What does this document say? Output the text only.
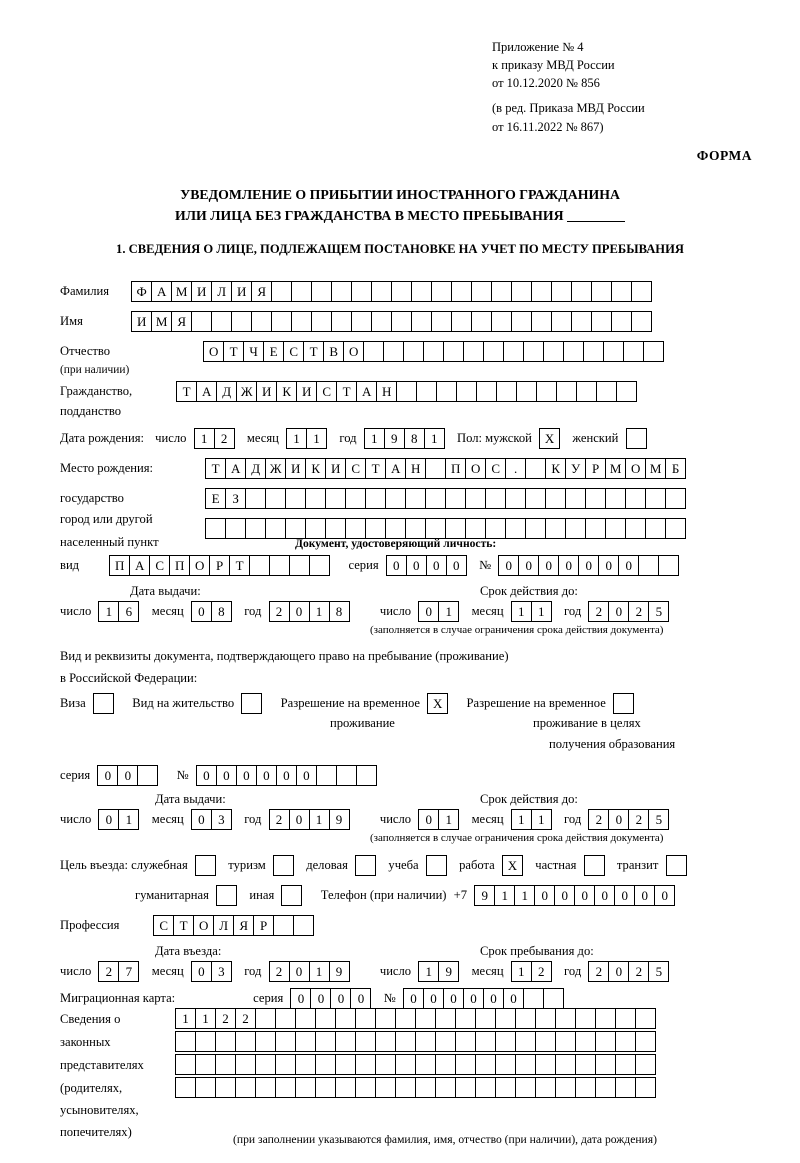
Приложение № 4
к приказу МВД России
от 10.12.2020 № 856
(в ред. Приказа МВД России
от 16.11.2022 № 867)
ФОРМА
УВЕДОМЛЕНИЕ О ПРИБЫТИИ ИНОСТРАННОГО ГРАЖДАНИНА
ИЛИ ЛИЦА БЕЗ ГРАЖДАНСТВА В МЕСТО ПРЕБЫВАНИЯ
1. СВЕДЕНИЯ О ЛИЦЕ, ПОДЛЕЖАЩЕМ ПОСТАНОВКЕ НА УЧЕТ ПО МЕСТУ ПРЕБЫВАНИЯ
Фамилия	Ф А М И Л И Я
Имя	И М Я
Отчество	О Т Ч Е С Т В О
(при наличии)
Гражданство,	Т А Д Ж И К И С Т А Н
подданство
Дата рождения: число	1	2	месяц	1	1	год	1	9	8	1	Пол: мужской X женский
Место рождения:	Т А Д Ж И К И С Т А Н	П О С	.	К У Р М О М Б
государство	Е З
город или другой

населенный пункт	Документ, удостоверяющий личность:
вид	П А С П О Р Т	серия	0	0	0	0	№	0	0	0	0	0	0	0
Дата выдачи:	Срок действия до:
число	1	6	месяц	0	8	год	2	0	1	8	число	0	1	месяц	1	1	год	2	0	2	5
(заполняется в случае ограничения срока действия документа)
Вид и реквизиты документа, подтверждающего право на пребывание (проживание)
в Российской Федерации:
Виза	Вид на жительство	Разрешение на временное X Разрешение на временное
проживание	проживание в целях
получения образования
серия	0	0	№	0	0	0	0	0	0
Дата выдачи:	Срок действия до:
число	0	1	месяц	0	3	год	2	0	1	9	число	0	1	месяц	1	1	год	2	0	2	5
(заполняется в случае ограничения срока действия документа)
Цель въезда: служебная	туризм	деловая	учеба	работа X частная	транзит
гуманитарная	иная	Телефон (при наличии) +7	9	1	1	0	0	0	0	0	0	0
Профессия	С Т О Л Я Р
Дата въезда:	Срок пребывания до:
число	2	7	месяц	0	3	год	2	0	1	9	число	1	9	месяц	1	2	год	2	0	2	5
Миграционная карта:	серия	0	0	0	0	№	0	0	0	0	0	0
Сведения о
законных
представителях
(родителях,
усыновителях,
попечителях)
1	1	2	2
(при заполнении указываются фамилия, имя, отчество (при наличии), дата рождения)
